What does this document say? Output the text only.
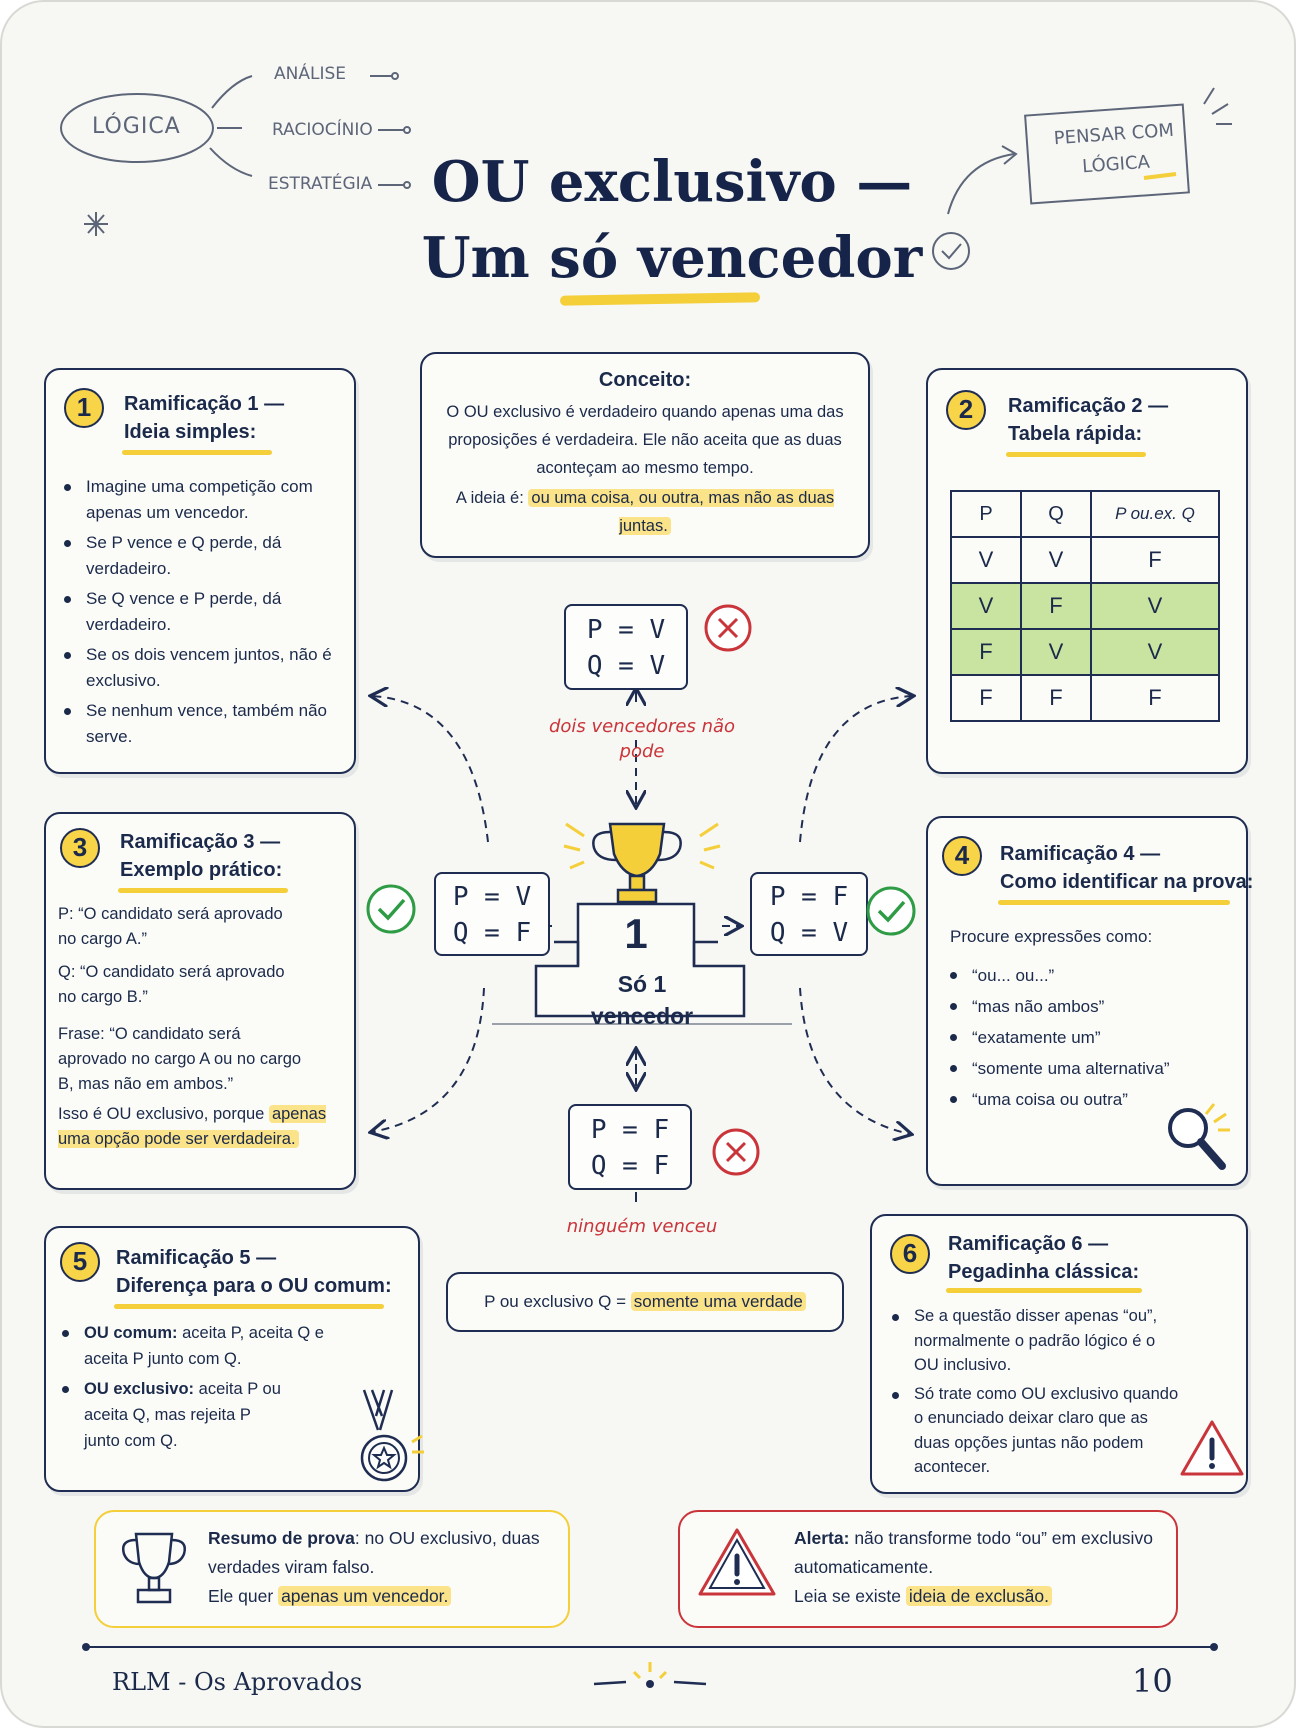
LÓGICA
ANÁLISE
RACIOCÍNIO
ESTRATÉGIA
PENSAR COM LÓGICA
OU exclusivo —
Um só vencedor
Conceito:
O OU exclusivo é verdadeiro quando apenas uma das proposições é verdadeira. Ele não aceita que as duas aconteçam ao mesmo tempo.
A ideia é: ou uma coisa, ou outra, mas não as duas juntas.
1	Ramificação 1 —
Ideia simples:
Imagine uma competição com apenas um vencedor.
Se P vence e Q perde, dá verdadeiro.
Se Q vence e P perde, dá verdadeiro.
Se os dois vencem juntos, não é exclusivo.
Se nenhum vence, também não serve.
2	Ramificação 2 —
Tabela rápida:
P	Q	P ou.ex. Q
V	V	F
V	F	V
F	V	V
F	F	F
3	Ramificação 3 —
Exemplo prático:
P: “O candidato será aprovado no cargo A.”
Q: “O candidato será aprovado no cargo B.”
Frase: “O candidato será aprovado no cargo A ou no cargo B, mas não em ambos.”
Isso é OU exclusivo, porque apenas uma opção pode ser verdadeira.
4	Ramificação 4 —
Como identificar na prova:
Procure expressões como:
“ou... ou...”
“mas não ambos”
“exatamente um”
“somente uma alternativa”
“uma coisa ou outra”
5	Ramificação 5 —
Diferença para o OU comum:
OU comum: aceita P, aceita Q e aceita P junto com Q.
OU exclusivo: aceita P ou aceita Q, mas rejeita P junto com Q.
6	Ramificação 6 —
Pegadinha clássica:
Se a questão disser apenas “ou”, normalmente o padrão lógico é o OU inclusivo.
Só trate como OU exclusivo quando o enunciado deixar claro que as duas opções juntas não podem acontecer.
1
Só 1
vencedor
P = V
Q = V
dois vencedores não pode
P = V
Q = F
P = F
Q = V
P = F
Q = F
ninguém venceu
P ou exclusivo Q = somente uma verdade
Resumo de prova: no OU exclusivo, duas verdades viram falso.
Ele quer apenas um vencedor.
Alerta: não transforme todo “ou” em exclusivo automaticamente.
Leia se existe ideia de exclusão.
RLM - Os Aprovados	10
